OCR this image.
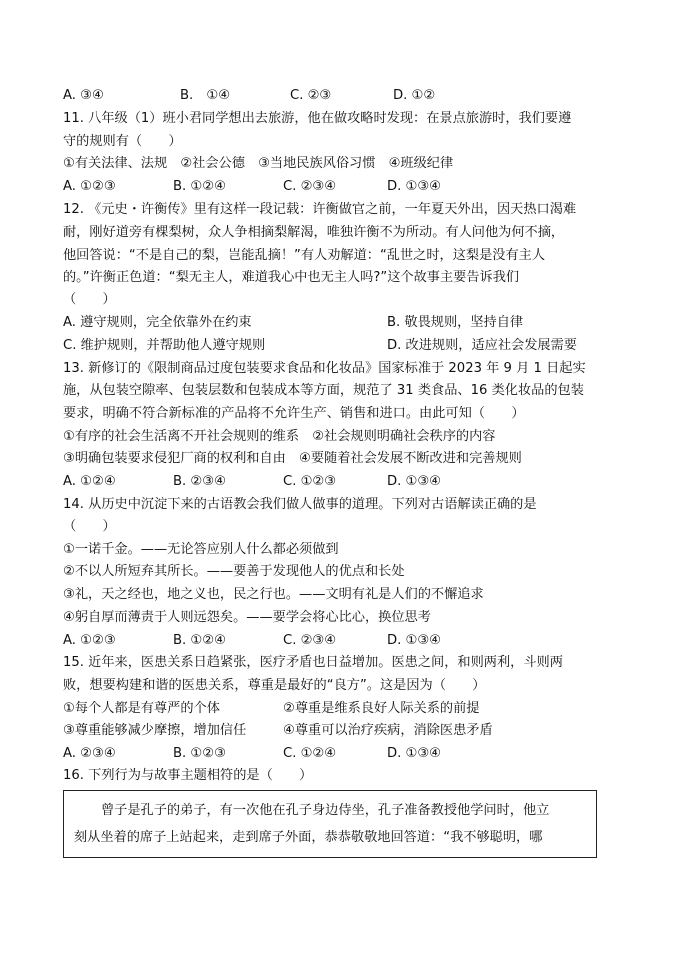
A. ③④	B.　①④	C. ②③	D. ①②
11. 八年级（1）班小君同学想出去旅游，他在做攻略时发现：在景点旅游时，我们要遵
守的规则有（　　）
①有关法律、法规　②社会公德　③当地民族风俗习惯　④班级纪律
A. ①②③	B. ①②④	C. ②③④	D. ①③④
12. 《元史・许衡传》里有这样一段记载：许衡做官之前，一年夏天外出，因天热口渴难
耐，刚好道旁有棵梨树，众人争相摘梨解渴，唯独许衡不为所动。有人问他为何不摘，
他回答说：“不是自己的梨，岂能乱摘！”有人劝解道：“乱世之时，这梨是没有主人
的。”许衡正色道：“梨无主人，难道我心中也无主人吗?”这个故事主要告诉我们
（　　）
A. 遵守规则，完全依靠外在约束	B. 敬畏规则，坚持自律
C. 维护规则，并帮助他人遵守规则	D. 改进规则，适应社会发展需要
13. 新修订的《限制商品过度包装要求食品和化妆品》国家标准于 2023 年 9 月 1 日起实
施，从包装空隙率、包装层数和包装成本等方面，规范了 31 类食品、16 类化妆品的包装
要求，明确不符合新标准的产品将不允许生产、销售和进口。由此可知（　　）
①有序的社会生活离不开社会规则的维系　②社会规则明确社会秩序的内容
③明确包装要求侵犯厂商的权利和自由　④要随着社会发展不断改进和完善规则
A. ①②④	B. ②③④	C. ①②③	D. ①③④
14. 从历史中沉淀下来的古语教会我们做人做事的道理。下列对古语解读正确的是
（　　）
①一诺千金。——无论答应别人什么都必须做到
②不以人所短弃其所长。——要善于发现他人的优点和长处
③礼，天之经也，地之义也，民之行也。——文明有礼是人们的不懈追求
④躬自厚而薄责于人则远怨矣。——要学会将心比心，换位思考
A. ①②③	B. ①②④	C. ②③④	D. ①③④
15. 近年来，医患关系日趋紧张，医疗矛盾也日益增加。医患之间，和则两利，斗则两
败，想要构建和谐的医患关系，尊重是最好的“良方”。这是因为（　　）
①每个人都是有尊严的个体	②尊重是维系良好人际关系的前提
③尊重能够减少摩擦，增加信任	④尊重可以治疗疾病，消除医患矛盾
A. ②③④	B. ①②③	C. ①②④	D. ①③④
16. 下列行为与故事主题相符的是（　　）
曾子是孔子的弟子，有一次他在孔子身边侍坐，孔子准备教授他学问时，他立
刻从坐着的席子上站起来，走到席子外面，恭恭敬敬地回答道：“我不够聪明，哪
